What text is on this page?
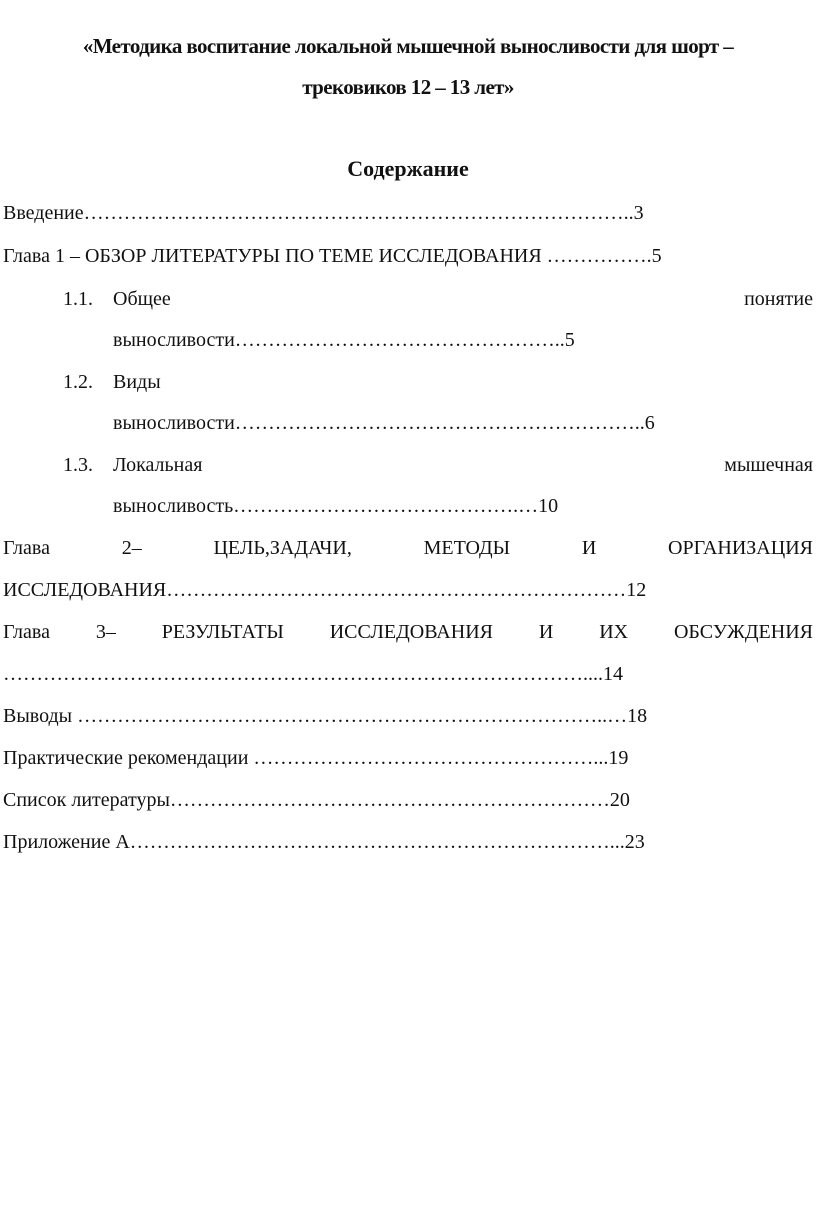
«Методика воспитание локальной мышечной выносливости для шорт –
трековиков 12 – 13 лет»
Содержание
Введение………………………………………………………………………..3
Глава 1 – ОБЗОР ЛИТЕРАТУРЫ ПО ТЕМЕ ИССЛЕДОВАНИЯ …………….5
1.1. Общее	понятие
выносливости…………………………………………..5
1.2. Виды
выносливости……………………………………………………..6
1.3. Локальная	мышечная
выносливость…………………………………….…10
Глава	2–	ЦЕЛЬ,ЗАДАЧИ,	МЕТОДЫ	И	ОРГАНИЗАЦИЯ
ИССЛЕДОВАНИЯ……………………………………………………………12
Глава 3– РЕЗУЛЬТАТЫ ИССЛЕДОВАНИЯ И ИХ ОБСУЖДЕНИЯ
……………………………………………………………………………....14
Выводы ……………………………………………………………………..…18
Практические рекомендации ……………………………………………...19
Список литературы…………………………………………………………20
Приложение А………………………………………………………………...23
